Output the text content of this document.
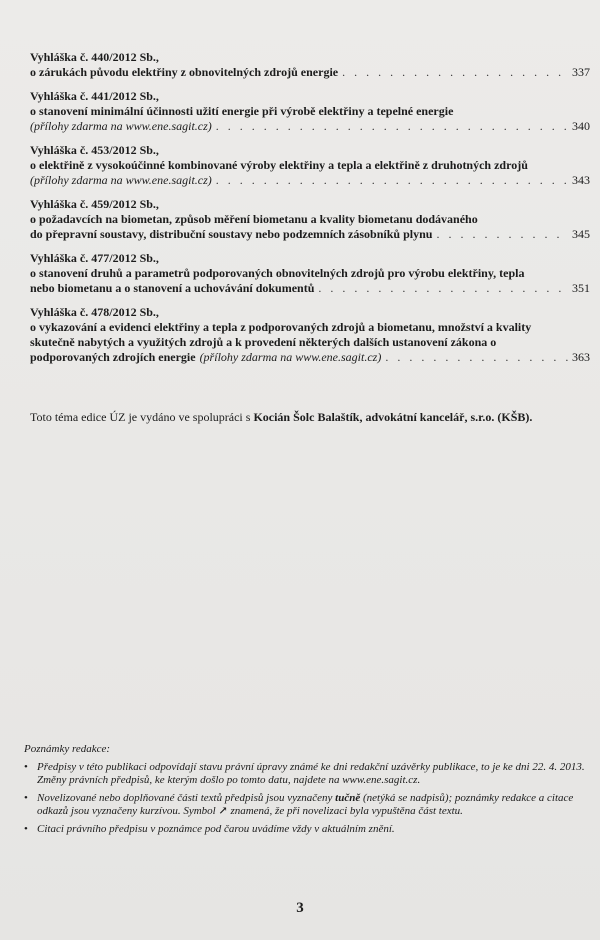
Vyhláška č. 440/2012 Sb.,
o zárukách původu elektřiny z obnovitelných zdrojů energie . . .	337
Vyhláška č. 441/2012 Sb.,
o stanovení minimální účinnosti užití energie při výrobě elektřiny a tepelné energie
(přílohy zdarma na www.ene.sagit.cz) . . .	340
Vyhláška č. 453/2012 Sb.,
o elektřině z vysokoúčinné kombinované výroby elektřiny a tepla a elektřině z druhotných zdrojů
(přílohy zdarma na www.ene.sagit.cz) . . .	343
Vyhláška č. 459/2012 Sb.,
o požadavcích na biometan, způsob měření biometanu a kvality biometanu dodávaného
do přepravní soustavy, distribuční soustavy nebo podzemních zásobníků plynu . . .	345
Vyhláška č. 477/2012 Sb.,
o stanovení druhů a parametrů podporovaných obnovitelných zdrojů pro výrobu elektřiny, tepla
nebo biometanu a o stanovení a uchovávání dokumentů . . .	351
Vyhláška č. 478/2012 Sb.,
o vykazování a evidenci elektřiny a tepla z podporovaných zdrojů a biometanu, množství a kvality
skutečně nabytých a využitých zdrojů a k provedení některých dalších ustanovení zákona o
podporovaných zdrojích energie (přílohy zdarma na www.ene.sagit.cz) . . .	363
Toto téma edice ÚZ je vydáno ve spolupráci s Kocián Šolc Balaštík, advokátní kancelář, s.r.o. (KŠB).
Poznámky redakce:
• Předpisy v této publikaci odpovídají stavu právní úpravy známé ke dni redakční uzávěrky publikace, to je ke dni 22. 4. 2013. Změny právních předpisů, ke kterým došlo po tomto datu, najdete na www.ene.sagit.cz.
• Novelizované nebo doplňované části textů předpisů jsou vyznačeny tučně (netýká se nadpisů); poznámky redakce a citace odkazů jsou vyznačeny kurzívou. Symbol ↗ znamená, že při novelizaci byla vypuštěna část textu.
• Citaci právního předpisu v poznámce pod čarou uvádíme vždy v aktuálním znění.
3
